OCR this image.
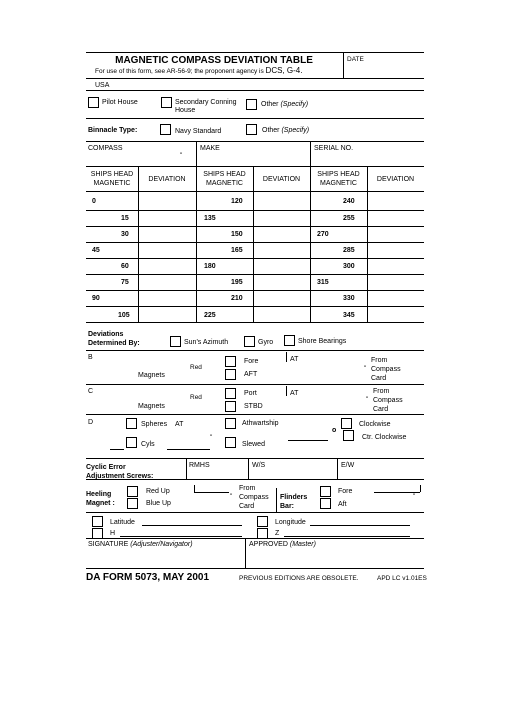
MAGNETIC COMPASS DEVIATION TABLE
For use of this form, see AR-56-9; the proponent agency is DCS, G-4.
DATE
USA
Pilot House	Secondary Conning
House
Other (Specify)
Binnacle Type:	Navy Standard	Other (Specify)
COMPASS
"
MAKE	SERIAL NO.
SHIPS HEAD
MAGNETIC
DEVIATION
SHIPS HEAD
MAGNETIC
DEVIATION
SHIPS HEAD
MAGNETIC
DEVIATION
0	120	240
15	135	255
30	150	270
45	165	285
60	180	300
75	195	315
90	210	330
105	225	345
Deviations
Determined By:	Sun's Azimuth	Gyro	Shore Bearings
B
Magnets
Red
Fore
AFT
AT
"
From
Compass
Card
C
Magnets
Red
Port
STBD
AT
"
From
Compass
Card
D	Spheres AT	Athwartship
o
Clockwise
Ctr. Clockwise
Cyls
"
Slewed
Cyclic Error
Adjustment Screws:
RMHS	W/S	E/W
Heeling
Magnet :
Red Up
Blue Up
"
From
Compass
Card
Flinders
Bar:
Fore
Aft
"
Latitude
H
Longitude
Z
SIGNATURE (Adjuster/Navigator)	APPROVED (Master)
DA FORM 5073, MAY 2001	PREVIOUS EDITIONS ARE OBSOLETE.	APD LC v1.01ES
